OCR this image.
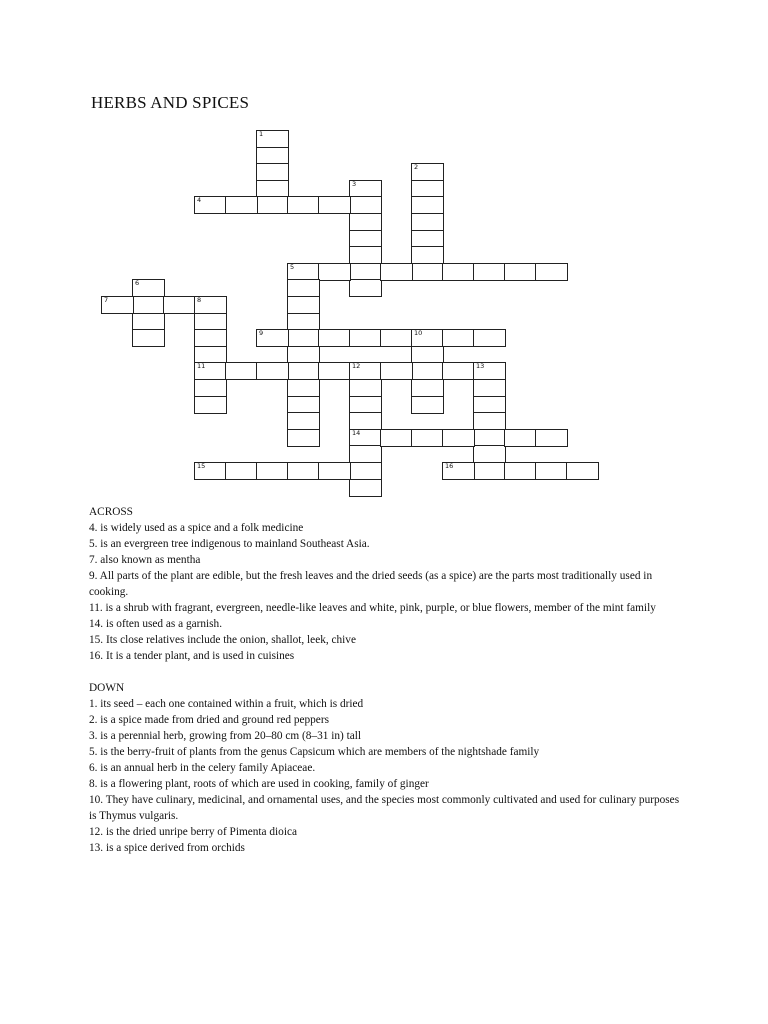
HERBS AND SPICES
1
2
3
4
5
6
7	8
11
9	10
12
14
13
15	16

ACROSS

4. is widely used as a spice and a folk medicine

5. is an evergreen tree indigenous to mainland Southeast Asia.

7. also known as mentha

9. All parts of the plant are edible, but the fresh leaves and the dried seeds (as a spice) are the parts most traditionally used in cooking.

11. is a shrub with fragrant, evergreen, needle-like leaves and white, pink, purple, or blue flowers, member of the mint family

14. is often used as a garnish.

15. Its close relatives include the onion, shallot, leek, chive

16. It is a tender plant, and is used in cuisines

DOWN

1. its seed – each one contained within a fruit, which is dried

2. is a spice made from dried and ground red peppers

3. is a perennial herb, growing from 20–80 cm (8–31 in) tall

5. is the berry-fruit of plants from the genus Capsicum which are members of the nightshade family

6. is an annual herb in the celery family Apiaceae.

8. is a flowering plant, roots of which are used in cooking, family of ginger

10. They have culinary, medicinal, and ornamental uses, and the species most commonly cultivated and used for culinary purposes is Thymus vulgaris.

12. is the dried unripe berry of Pimenta dioica

13. is a spice derived from orchids
